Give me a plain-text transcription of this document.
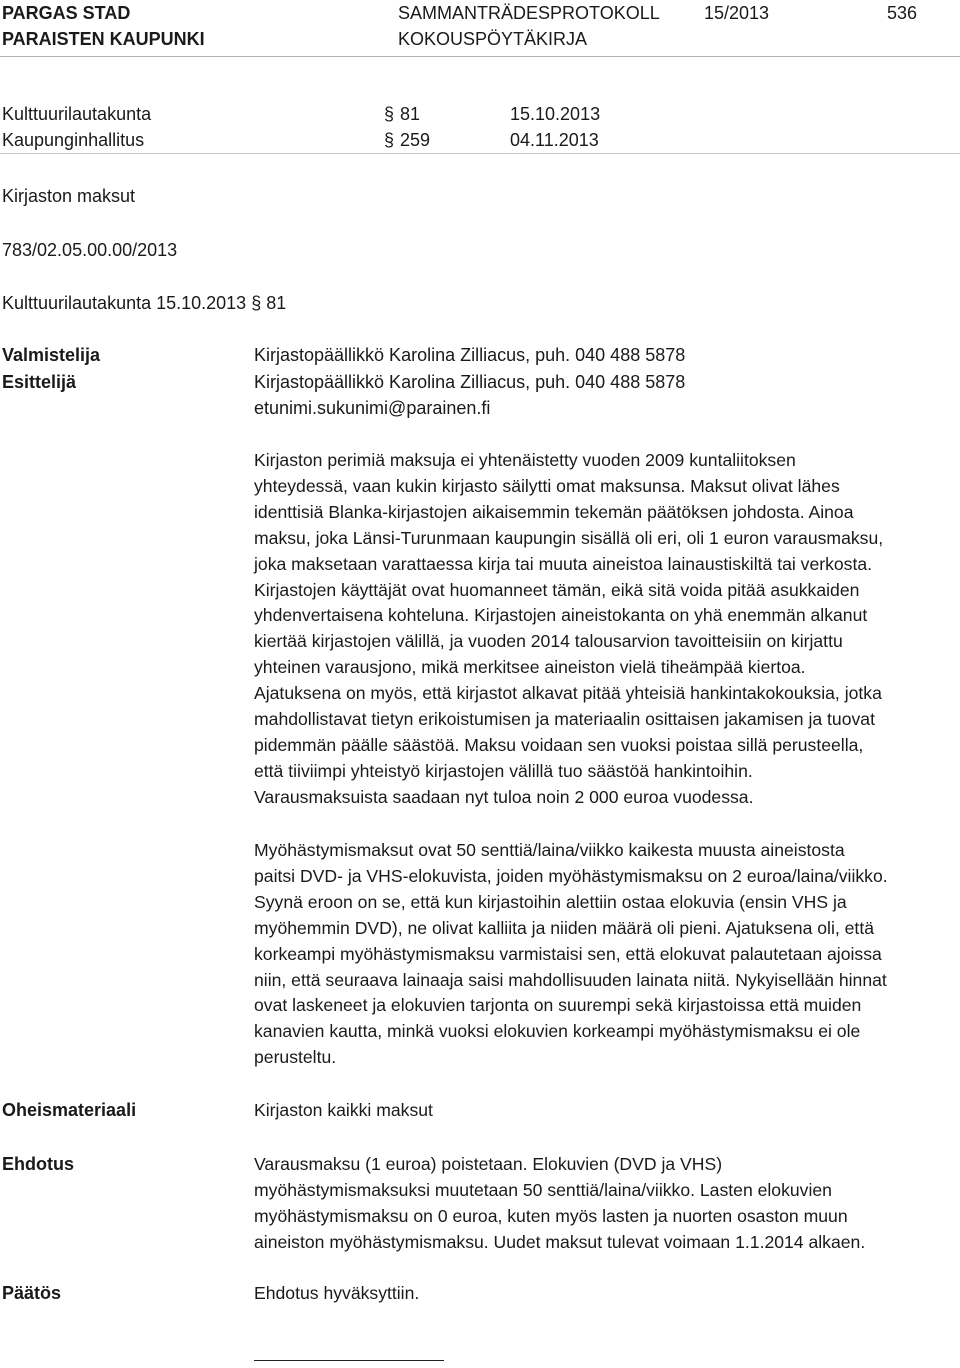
PARGAS STAD
PARAISTEN KAUPUNKI
SAMMANTRÄDESPROTOKOLL
KOKOUSPÖYTÄKIRJA
15/2013	536
Kulttuurilautakunta	§ 81	15.10.2013
Kaupunginhallitus	§ 259	04.11.2013
Kirjaston maksut
783/02.05.00.00/2013
Kulttuurilautakunta 15.10.2013 § 81
Valmistelija	Kirjastopäällikkö Karolina Zilliacus, puh. 040 488 5878
Esittelijä	Kirjastopäällikkö Karolina Zilliacus, puh. 040 488 5878
etunimi.sukunimi@parainen.fi
Kirjaston perimiä maksuja ei yhtenäistetty vuoden 2009 kuntaliitoksen
yhteydessä, vaan kukin kirjasto säilytti omat maksunsa. Maksut olivat lähes
identtisiä Blanka-kirjastojen aikaisemmin tekemän päätöksen johdosta. Ainoa
maksu, joka Länsi-Turunmaan kaupungin sisällä oli eri, oli 1 euron varausmaksu,
joka maksetaan varattaessa kirja tai muuta aineistoa lainaustiskiltä tai verkosta.
Kirjastojen käyttäjät ovat huomanneet tämän, eikä sitä voida pitää asukkaiden
yhdenvertaisena kohteluna. Kirjastojen aineistokanta on yhä enemmän alkanut
kiertää kirjastojen välillä, ja vuoden 2014 talousarvion tavoitteisiin on kirjattu
yhteinen varausjono, mikä merkitsee aineiston vielä tiheämpää kiertoa.
Ajatuksena on myös, että kirjastot alkavat pitää yhteisiä hankintakokouksia, jotka
mahdollistavat tietyn erikoistumisen ja materiaalin osittaisen jakamisen ja tuovat
pidemmän päälle säästöä. Maksu voidaan sen vuoksi poistaa sillä perusteella,
että tiiviimpi yhteistyö kirjastojen välillä tuo säästöä hankintoihin.
Varausmaksuista saadaan nyt tuloa noin 2 000 euroa vuodessa.
Myöhästymismaksut ovat 50 senttiä/laina/viikko kaikesta muusta aineistosta
paitsi DVD- ja VHS-elokuvista, joiden myöhästymismaksu on 2 euroa/laina/viikko.
Syynä eroon on se, että kun kirjastoihin alettiin ostaa elokuvia (ensin VHS ja
myöhemmin DVD), ne olivat kalliita ja niiden määrä oli pieni. Ajatuksena oli, että
korkeampi myöhästymismaksu varmistaisi sen, että elokuvat palautetaan ajoissa
niin, että seuraava lainaaja saisi mahdollisuuden lainata niitä. Nykyisellään hinnat
ovat laskeneet ja elokuvien tarjonta on suurempi sekä kirjastoissa että muiden
kanavien kautta, minkä vuoksi elokuvien korkeampi myöhästymismaksu ei ole
perusteltu.
Oheismateriaali	Kirjaston kaikki maksut
Ehdotus	Varausmaksu (1 euroa) poistetaan. Elokuvien (DVD ja VHS)
myöhästymismaksuksi muutetaan 50 senttiä/laina/viikko. Lasten elokuvien
myöhästymismaksu on 0 euroa, kuten myös lasten ja nuorten osaston muun
aineiston myöhästymismaksu. Uudet maksut tulevat voimaan 1.1.2014 alkaen.
Päätös	Ehdotus hyväksyttiin.
